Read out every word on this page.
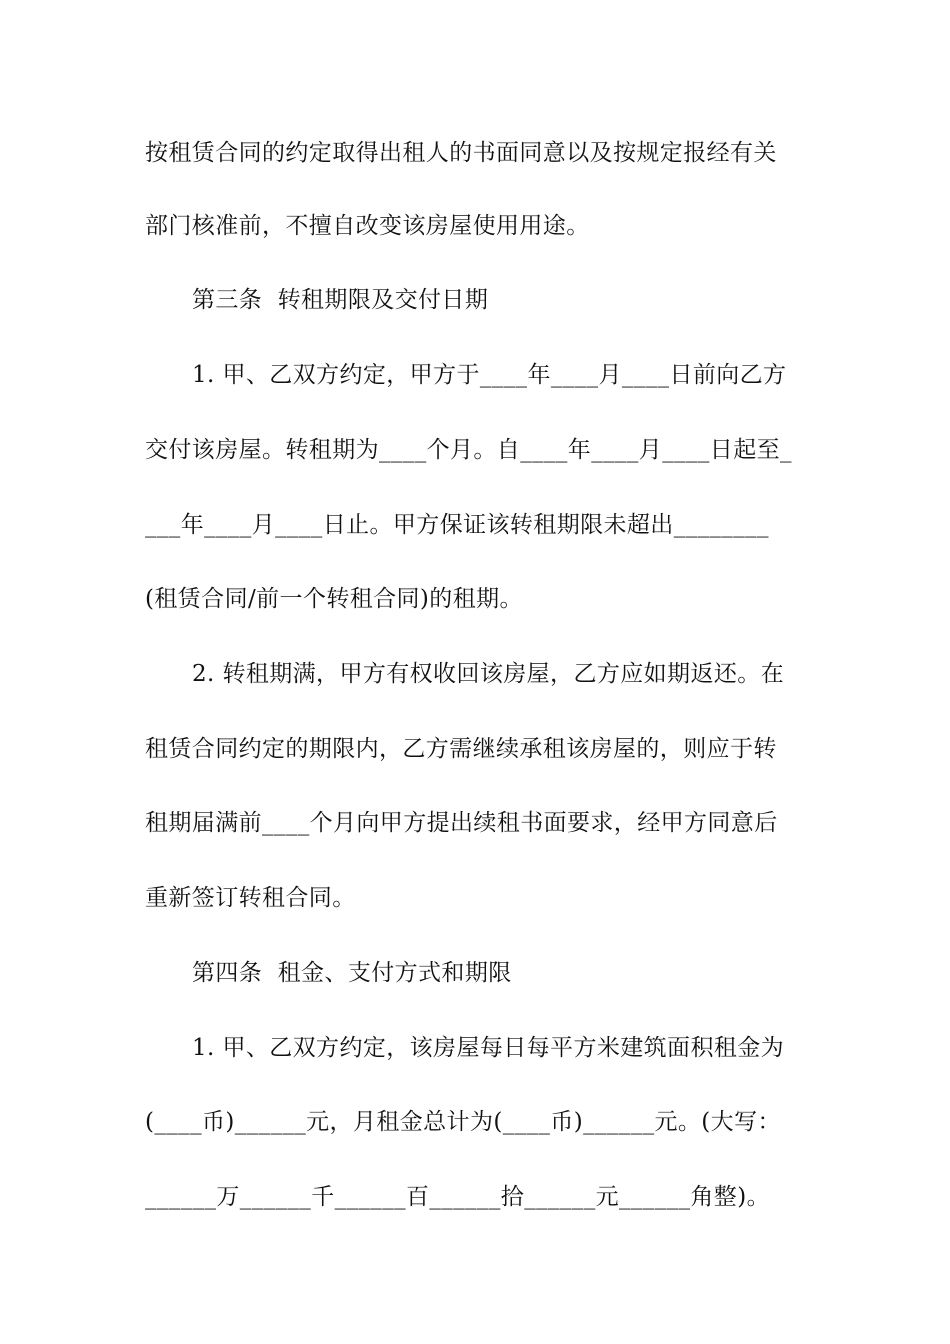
按租赁合同的约定取得出租人的书面同意以及按规定报经有关
部门核准前，不擅自改变该房屋使用用途。
第三条  转租期限及交付日期
1. 甲、乙双方约定，甲方于____年____月____日前向乙方
交付该房屋。转租期为____个月。自____年____月____日起至_
___年____月____日止。甲方保证该转租期限未超出________
(租赁合同/前一个转租合同)的租期。
2. 转租期满，甲方有权收回该房屋，乙方应如期返还。在
租赁合同约定的期限内，乙方需继续承租该房屋的，则应于转
租期届满前____个月向甲方提出续租书面要求，经甲方同意后
重新签订转租合同。
第四条  租金、支付方式和期限
1. 甲、乙双方约定，该房屋每日每平方米建筑面积租金为
(____币)______元，月租金总计为(____币)______元。(大写：
______万______千______百______拾______元______角整)。
